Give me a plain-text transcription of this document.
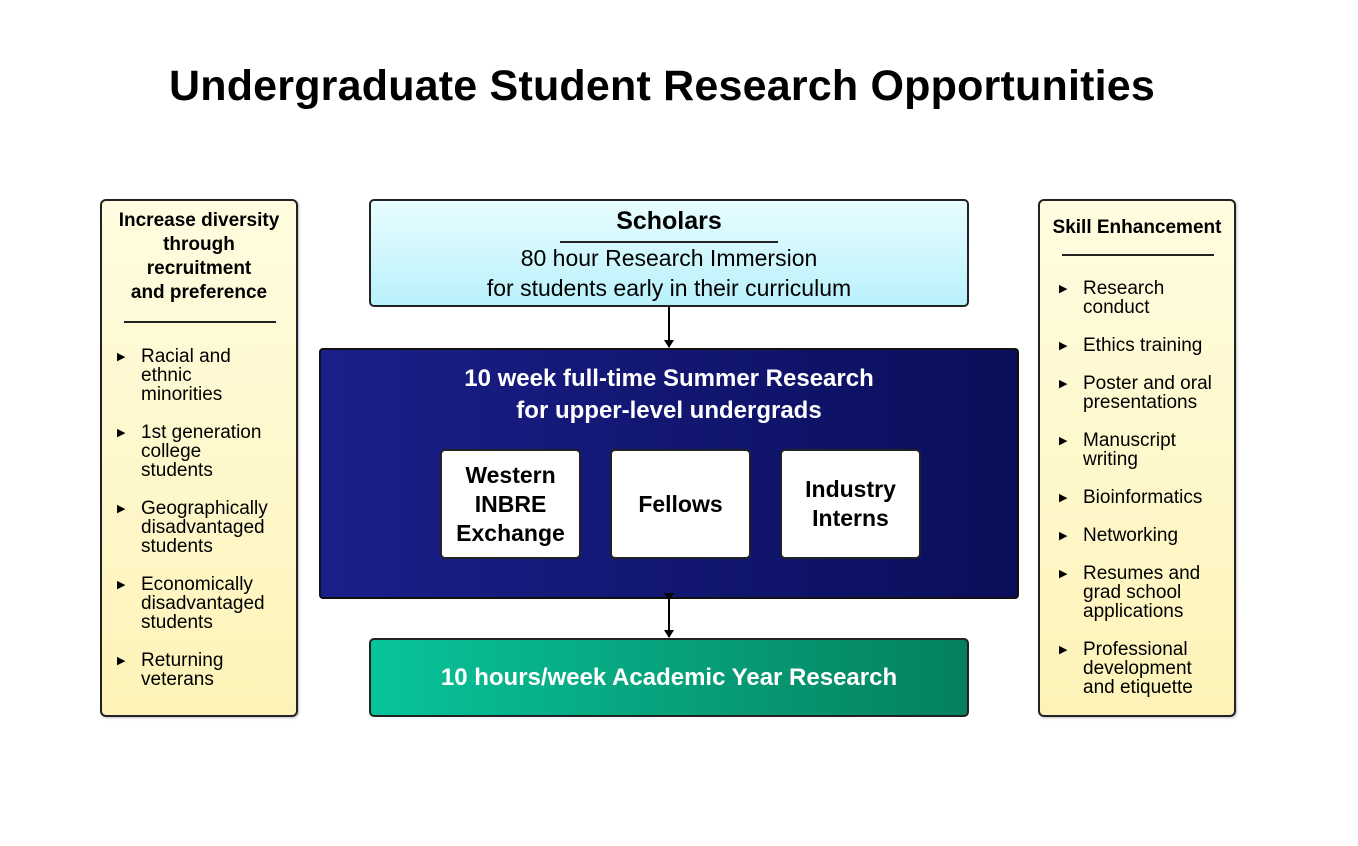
Undergraduate Student Research Opportunities
Increase diversity
through
recruitment
and preference
▶ Racial and
ethnic
minorities
▶ 1st generation
college
students
▶ Geographically
disadvantaged
students
▶ Economically
disadvantaged
students
▶ Returning
veterans
Scholars
80 hour Research Immersion
for students early in their curriculum
10 week full-time Summer Research
for upper-level undergrads
Western
INBRE
Exchange
Fellows
Industry
Interns
10 hours/week Academic Year Research
Skill Enhancement
▶ Research
conduct
▶ Ethics training
▶ Poster and oral
presentations
▶ Manuscript
writing
▶ Bioinformatics
▶ Networking
▶ Resumes and
grad school
applications
▶ Professional
development
and etiquette
